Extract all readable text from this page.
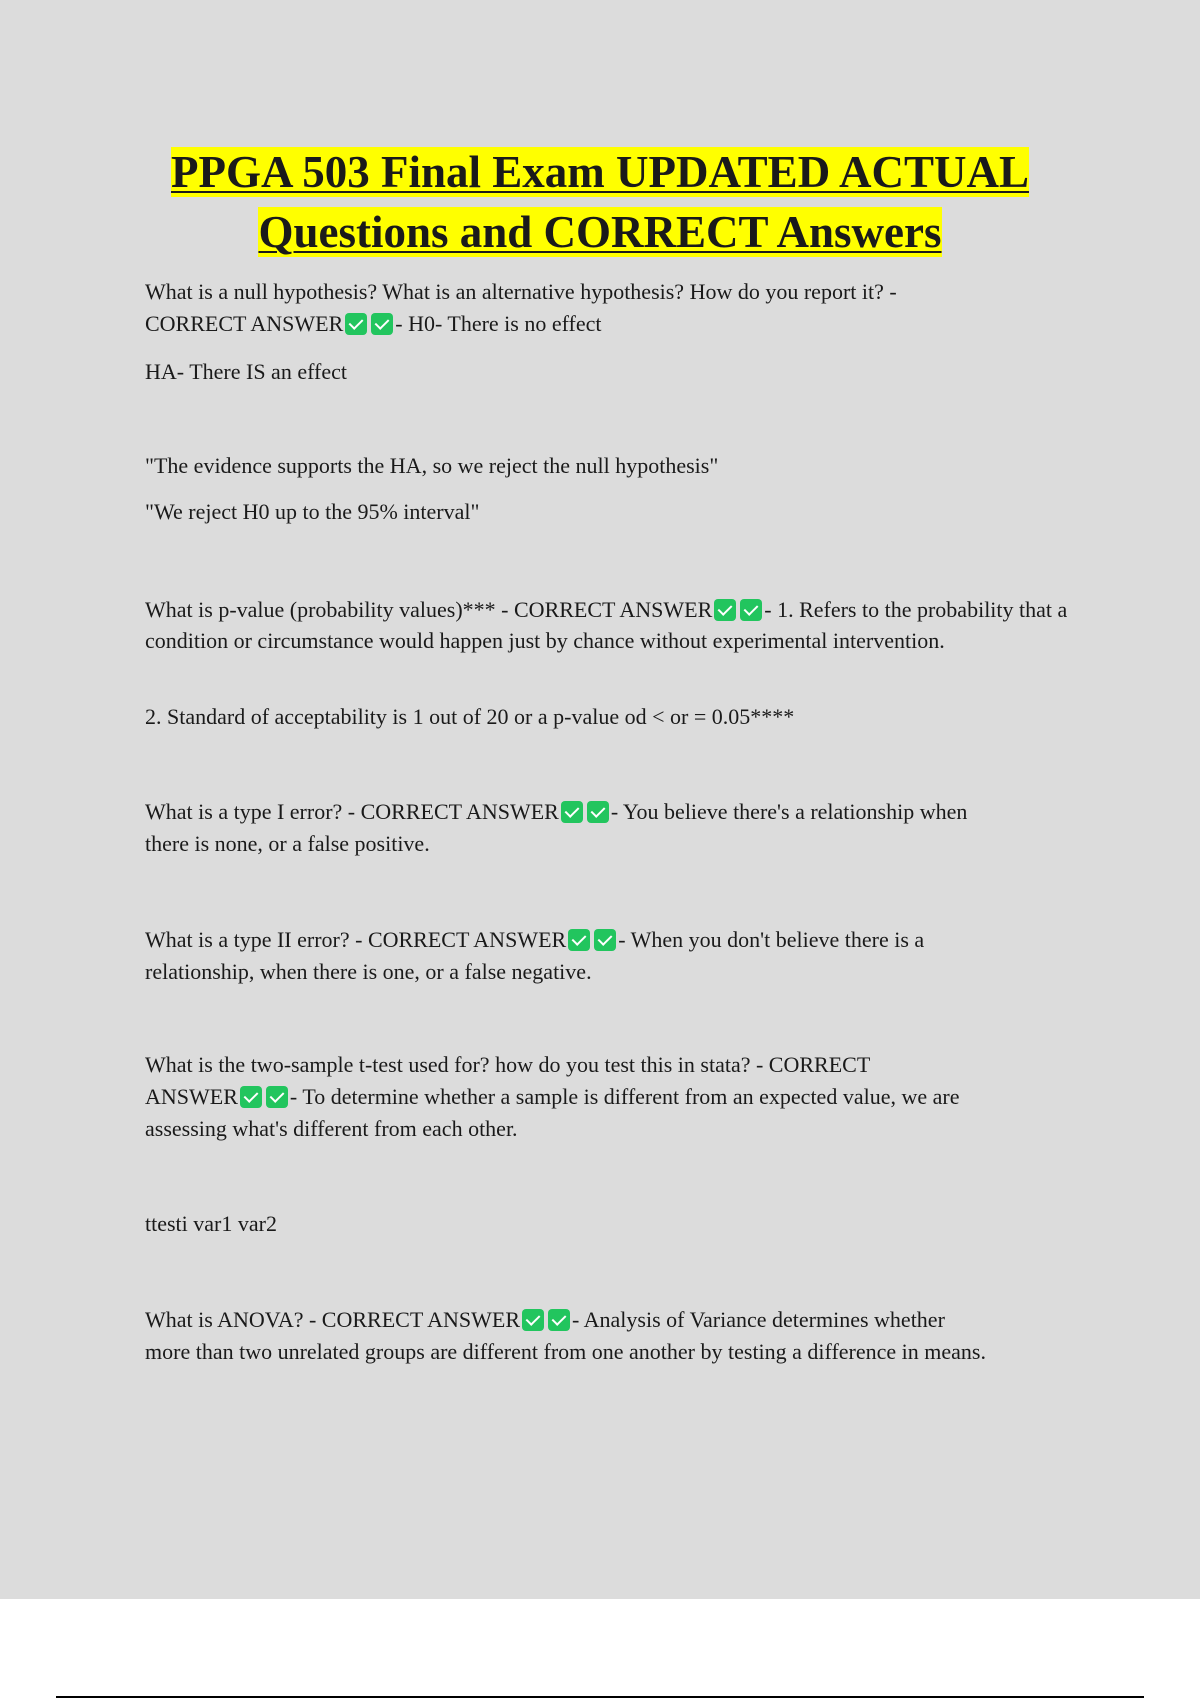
PPGA 503 Final Exam UPDATED ACTUAL
Questions and CORRECT Answers

What is a null hypothesis? What is an alternative hypothesis? How do you report it? -
CORRECT ANSWER - H0- There is no effect

HA- There IS an effect

"The evidence supports the HA, so we reject the null hypothesis"

"We reject H0 up to the 95% interval"

What is p-value (probability values)*** - CORRECT ANSWER - 1. Refers to the probability that a condition or circumstance would happen just by chance without experimental intervention.

2. Standard of acceptability is 1 out of 20 or a p-value od < or = 0.05****

What is a type I error? - CORRECT ANSWER - You believe there's a relationship when
there is none, or a false positive.

What is a type II error? - CORRECT ANSWER - When you don't believe there is a
relationship, when there is one, or a false negative.

What is the two-sample t-test used for? how do you test this in stata? - CORRECT
ANSWER - To determine whether a sample is different from an expected value, we are
assessing what's different from each other.

ttesti var1 var2

What is ANOVA? - CORRECT ANSWER - Analysis of Variance determines whether
more than two unrelated groups are different from one another by testing a difference in means.
